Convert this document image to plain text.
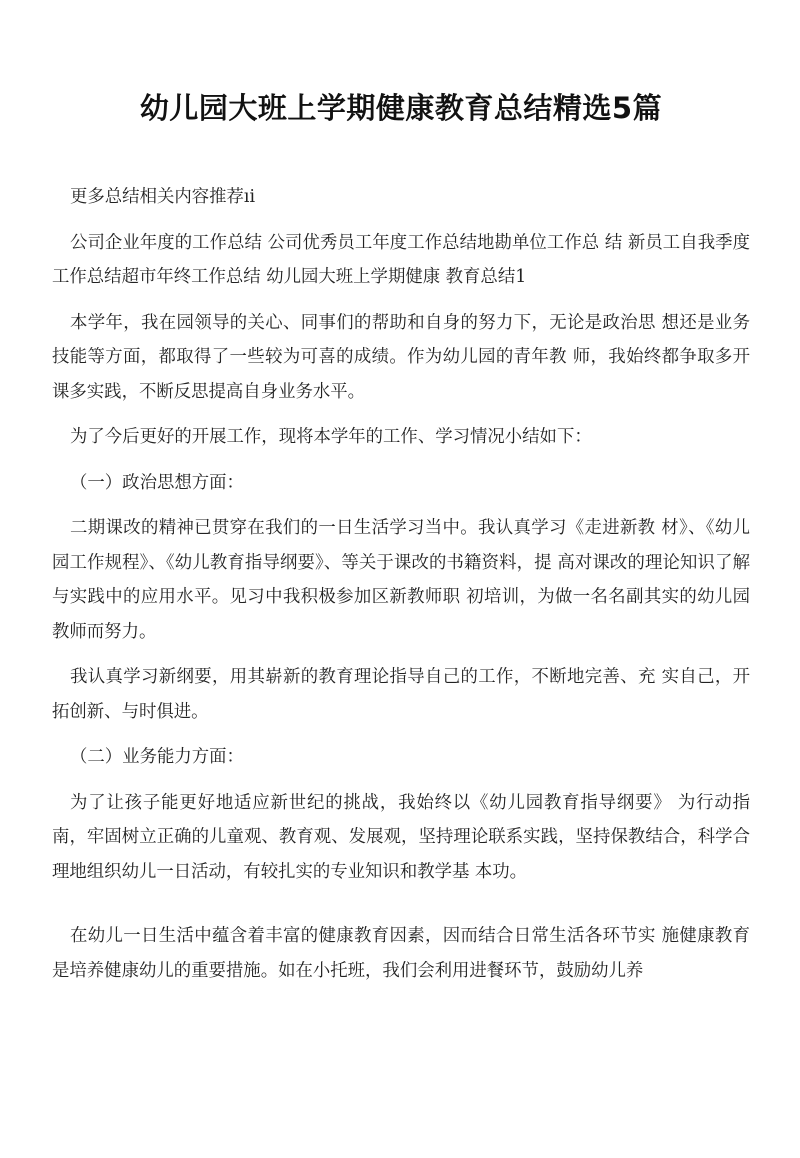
幼儿园大班上学期健康教育总结精选5篇

更多总结相关内容推荐ıi

公司企业年度的工作总结 公司优秀员工年度工作总结地勘单位工作总 结 新员工自我季度工作总结超市年终工作总结 幼儿园大班上学期健康 教育总结1

本学年，我在园领导的关心、同事们的帮助和自身的努力下，无论是政治思 想还是业务技能等方面，都取得了一些较为可喜的成绩。作为幼儿园的青年教 师，我始终都争取多开课多实践，不断反思提高自身业务水平。

为了今后更好的开展工作，现将本学年的工作、学习情况小结如下：

（一）政治思想方面：

二期课改的精神已贯穿在我们的一日生活学习当中。我认真学习《走进新教 材》、《幼儿园工作规程》、《幼儿教育指导纲要》、等关于课改的书籍资料，提 高对课改的理论知识了解与实践中的应用水平。见习中我积极参加区新教师职 初培训，为做一名名副其实的幼儿园教师而努力。

我认真学习新纲要，用其崭新的教育理论指导自己的工作，不断地完善、充 实自己，开拓创新、与时俱进。

（二）业务能力方面：

为了让孩子能更好地适应新世纪的挑战，我始终以《幼儿园教育指导纲要》 为行动指南，牢固树立正确的儿童观、教育观、发展观，坚持理论联系实践，坚持保教结合，科学合理地组织幼儿一日活动，有较扎实的专业知识和教学基 本功。

在幼儿一日生活中蕴含着丰富的健康教育因素，因而结合日常生活各环节实 施健康教育是培养健康幼儿的重要措施。如在小托班，我们会利用进餐环节，鼓励幼儿养
